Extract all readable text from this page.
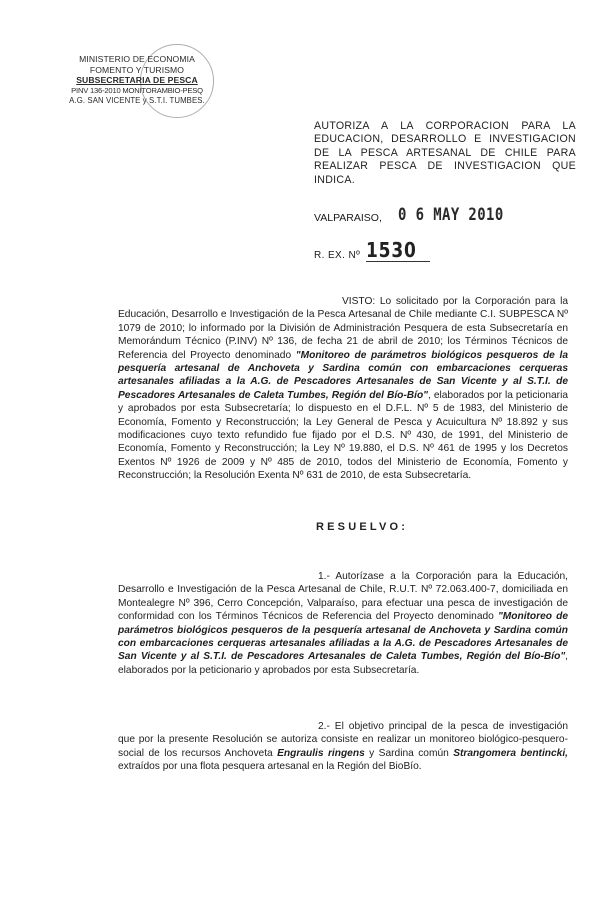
MINISTERIO DE ECONOMIA
FOMENTO Y TURISMO
SUBSECRETARIA DE PESCA
PINV 136-2010 MONITORAMBIO-PESQ
A.G. SAN VICENTE y S.T.I. TUMBES.
AUTORIZA A LA CORPORACION PARA LA EDUCACION, DESARROLLO E INVESTIGACION DE LA PESCA ARTESANAL DE CHILE PARA REALIZAR PESCA DE INVESTIGACION QUE INDICA.
VALPARAISO, 0 6 MAY 2010
R. EX. Nº 1530
VISTO: Lo solicitado por la Corporación para la Educación, Desarrollo e Investigación de la Pesca Artesanal de Chile mediante C.I. SUBPESCA Nº 1079 de 2010; lo informado por la División de Administración Pesquera de esta Subsecretaría en Memorándum Técnico (P.INV) Nº 136, de fecha 21 de abril de 2010; los Términos Técnicos de Referencia del Proyecto denominado "Monitoreo de parámetros biológicos pesqueros de la pesquería artesanal de Anchoveta y Sardina común con embarcaciones cerqueras artesanales afiliadas a la A.G. de Pescadores Artesanales de San Vicente y al S.T.I. de Pescadores Artesanales de Caleta Tumbes, Región del Bío-Bío", elaborados por la peticionaria y aprobados por esta Subsecretaría; lo dispuesto en el D.F.L. Nº 5 de 1983, del Ministerio de Economía, Fomento y Reconstrucción; la Ley General de Pesca y Acuicultura Nº 18.892 y sus modificaciones cuyo texto refundido fue fijado por el D.S. Nº 430, de 1991, del Ministerio de Economía, Fomento y Reconstrucción; la Ley Nº 19.880, el D.S. Nº 461 de 1995 y los Decretos Exentos Nº 1926 de 2009 y Nº 485 de 2010, todos del Ministerio de Economía, Fomento y Reconstrucción; la Resolución Exenta Nº 631 de 2010, de esta Subsecretaría.
RESUELVO:
1.- Autorízase a la Corporación para la Educación, Desarrollo e Investigación de la Pesca Artesanal de Chile, R.U.T. Nº 72.063.400-7, domiciliada en Montealegre Nº 396, Cerro Concepción, Valparaíso, para efectuar una pesca de investigación de conformidad con los Términos Técnicos de Referencia del Proyecto denominado "Monitoreo de parámetros biológicos pesqueros de la pesquería artesanal de Anchoveta y Sardina común con embarcaciones cerqueras artesanales afiliadas a la A.G. de Pescadores Artesanales de San Vicente y al S.T.I. de Pescadores Artesanales de Caleta Tumbes, Región del Bío-Bío", elaborados por la peticionario y aprobados por esta Subsecretaría.
2.- El objetivo principal de la pesca de investigación que por la presente Resolución se autoriza consiste en realizar un monitoreo biológico-pesquero-social de los recursos Anchoveta Engraulis ringens y Sardina común Strangomera bentincki, extraídos por una flota pesquera artesanal en la Región del BioBío.
